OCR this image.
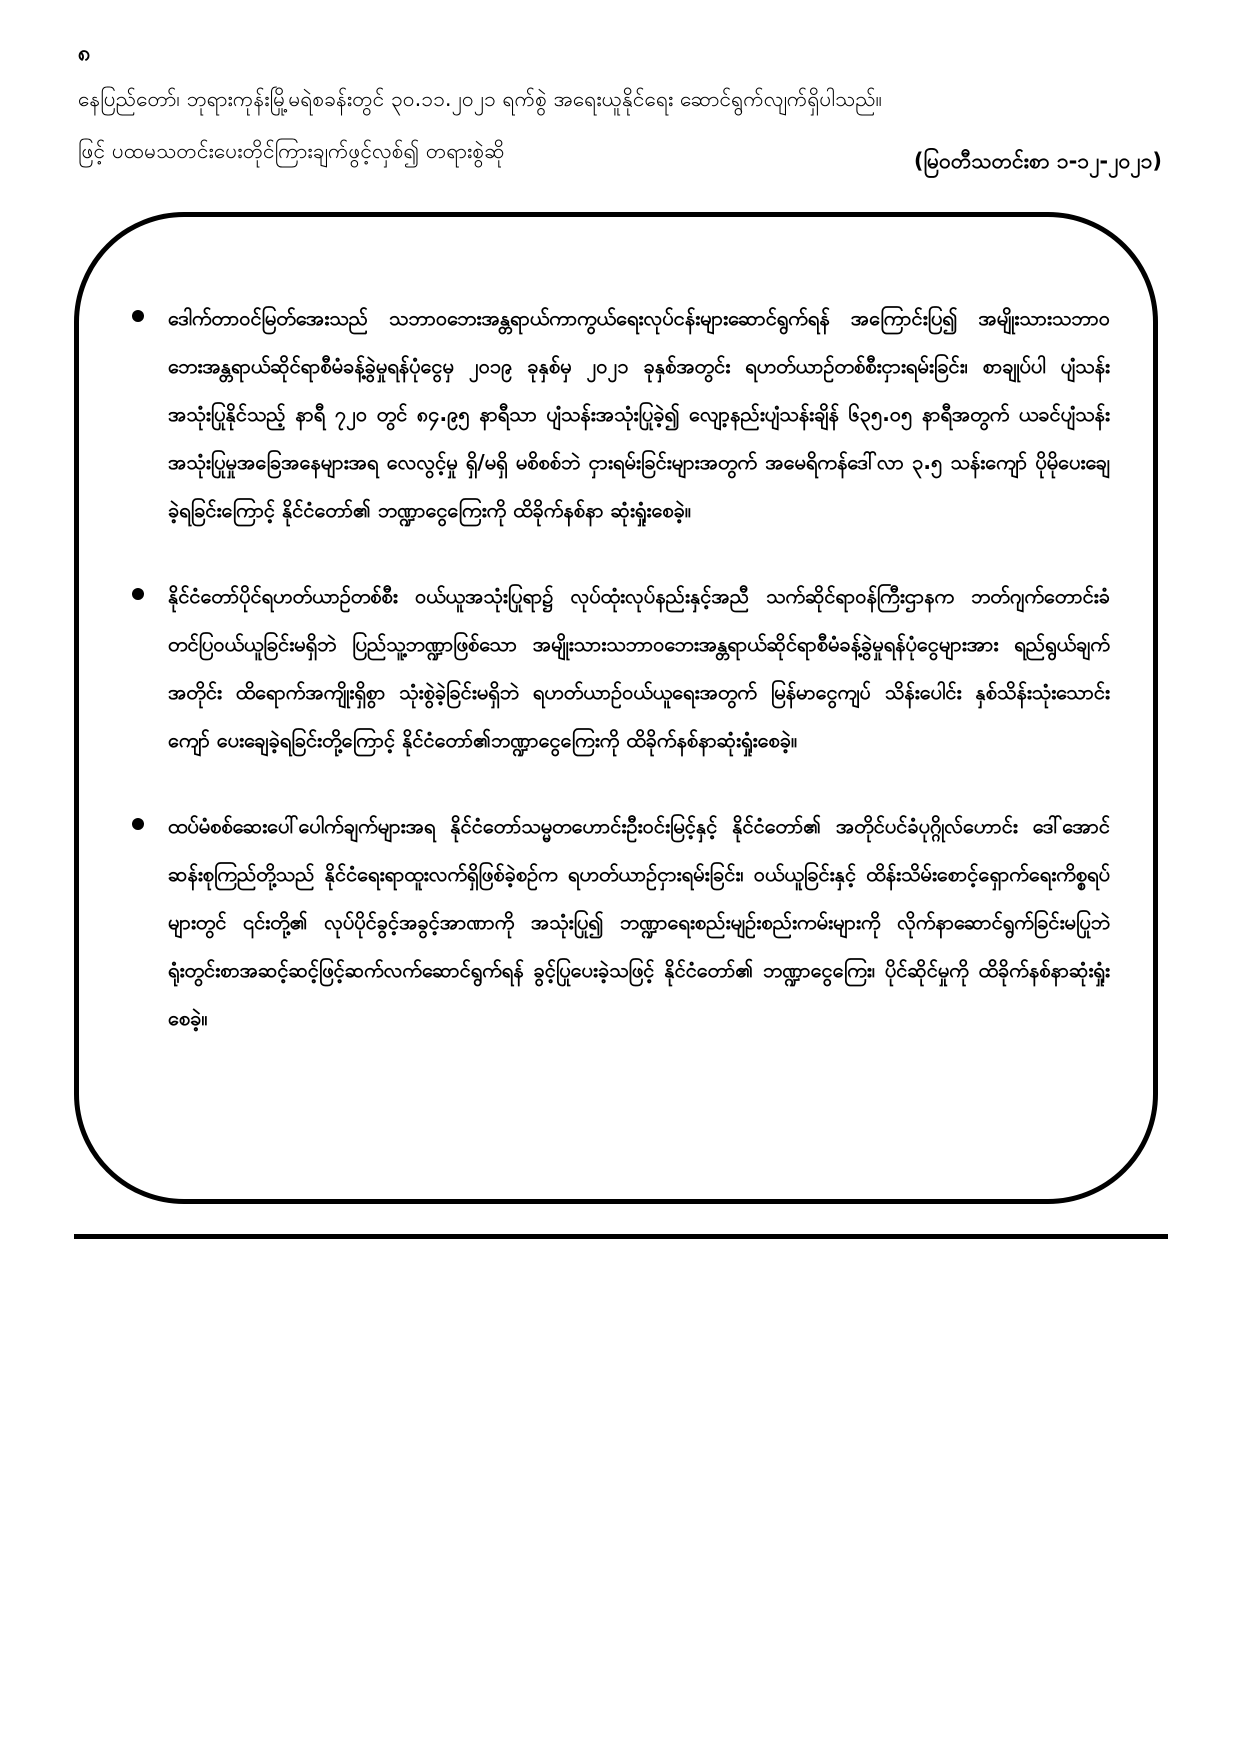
၈
နေပြည်တော်၊ ဘုရားကုန်းမြို့မရဲစခန်းတွင် ၃၀.၁၁.၂၀၂၁ ရက်စွဲ အရေးယူနိုင်ရေး ဆောင်ရွက်လျက်ရှိပါသည်။
ဖြင့် ပထမသတင်းပေးတိုင်ကြားချက်ဖွင့်လှစ်၍ တရားစွဲဆို	(မြဝတီသတင်းစာ ၁-၁၂-၂၀၂၁)
ဒေါက်တာဝင်မြတ်အေးသည် သဘာဝဘေးအန္တရာယ်ကာကွယ်ရေးလုပ်ငန်းများဆောင်ရွက်ရန် အကြောင်းပြ၍ အမျိုးသားသဘာဝဘေးအန္တရာယ်ဆိုင်ရာစီမံခန့်ခွဲမှုရန်ပုံငွေမှ ၂၀၁၉ ခုနှစ်မှ ၂၀၂၁ ခုနှစ်အတွင်း ရဟတ်ယာဉ်တစ်စီးငှားရမ်းခြင်း၊ စာချုပ်ပါ ပျံသန်းအသုံးပြုနိုင်သည့် နာရီ ၇၂၀ တွင် ၈၄.၉၅ နာရီသာ ပျံသန်းအသုံးပြုခဲ့၍ လျော့နည်းပျံသန်းချိန် ၆၃၅.၀၅ နာရီအတွက် ယခင်ပျံသန်းအသုံးပြုမှုအခြေအနေများအရ လေလွင့်မှု ရှိ/မရှိ မစိစစ်ဘဲ ငှားရမ်းခြင်းများအတွက် အမေရိကန်ဒေါ်လာ ၃.၅ သန်းကျော် ပိုမိုပေးချေခဲ့ရခြင်းကြောင့် နိုင်ငံတော်၏ ဘဏ္ဍာငွေကြေးကို ထိခိုက်နစ်နာ ဆုံးရှုံးစေခဲ့။
နိုင်ငံတော်ပိုင်ရဟတ်ယာဉ်တစ်စီး ဝယ်ယူအသုံးပြုရာ၌ လုပ်ထုံးလုပ်နည်းနှင့်အညီ သက်ဆိုင်ရာဝန်ကြီးဌာနက ဘတ်ဂျက်တောင်းခံတင်ပြဝယ်ယူခြင်းမရှိဘဲ ပြည်သူ့ဘဏ္ဍာဖြစ်သော အမျိုးသားသဘာဝဘေးအန္တရာယ်ဆိုင်ရာစီမံခန့်ခွဲမှုရန်ပုံငွေများအား ရည်ရွယ်ချက်အတိုင်း ထိရောက်အကျိုးရှိစွာ သုံးစွဲခဲ့ခြင်းမရှိဘဲ ရဟတ်ယာဉ်ဝယ်ယူရေးအတွက် မြန်မာငွေကျပ် သိန်းပေါင်း နှစ်သိန်းသုံးသောင်းကျော် ပေးချေခဲ့ရခြင်းတို့ကြောင့် နိုင်ငံတော်၏ဘဏ္ဍာငွေကြေးကို ထိခိုက်နစ်နာဆုံးရှုံးစေခဲ့။
ထပ်မံစစ်ဆေးပေါ်ပေါက်ချက်များအရ နိုင်ငံတော်သမ္မတဟောင်းဦးဝင်းမြင့်နှင့် နိုင်ငံတော်၏ အတိုင်ပင်ခံပုဂ္ဂိုလ်ဟောင်း ဒေါ်အောင်ဆန်းစုကြည်တို့သည် နိုင်ငံရေးရာထူးလက်ရှိဖြစ်ခဲ့စဉ်က ရဟတ်ယာဉ်ငှားရမ်းခြင်း၊ ဝယ်ယူခြင်းနှင့် ထိန်းသိမ်းစောင့်ရှောက်ရေးကိစ္စရပ်များတွင် ၎င်းတို့၏ လုပ်ပိုင်ခွင့်အခွင့်အာဏာကို အသုံးပြု၍ ဘဏ္ဍာရေးစည်းမျဉ်းစည်းကမ်းများကို လိုက်နာဆောင်ရွက်ခြင်းမပြုဘဲ ရုံးတွင်းစာအဆင့်ဆင့်ဖြင့်ဆက်လက်ဆောင်ရွက်ရန် ခွင့်ပြုပေးခဲ့သဖြင့် နိုင်ငံတော်၏ ဘဏ္ဍာငွေကြေး၊ ပိုင်ဆိုင်မှုကို ထိခိုက်နစ်နာဆုံးရှုံးစေခဲ့။
